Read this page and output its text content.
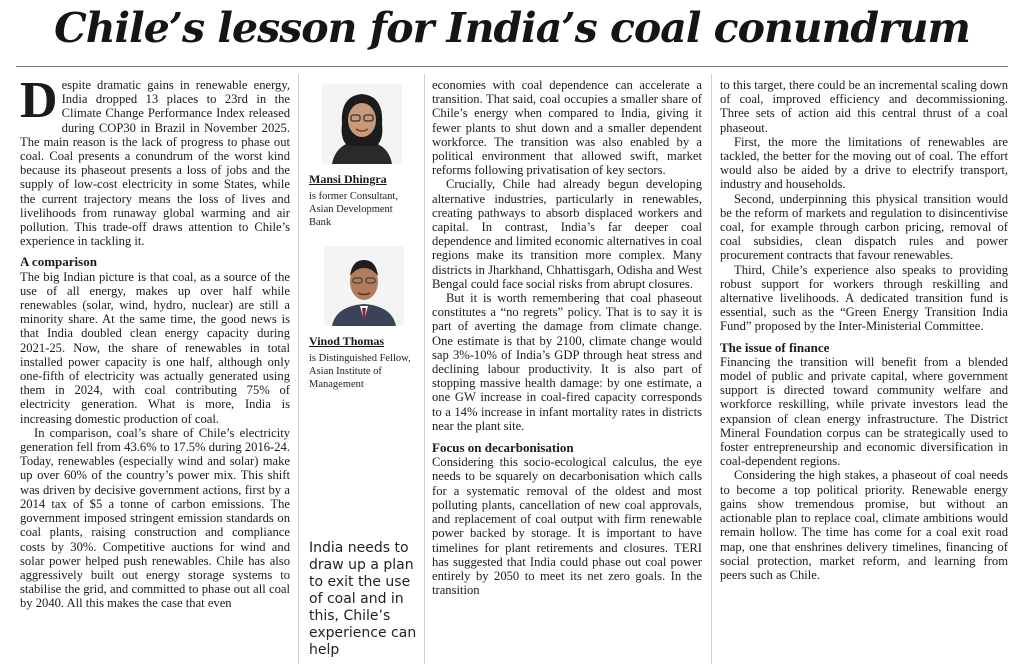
Chile’s lesson for India’s coal conundrum

Despite dramatic gains in renewable energy, India dropped 13 places to 23rd in the Climate Change Performance Index released during COP30 in Brazil in November 2025. The main reason is the lack of progress to phase out coal. Coal presents a conundrum of the worst kind because its phaseout presents a loss of jobs and the supply of low-cost electricity in some States, while the current trajectory means the loss of lives and livelihoods from runaway global warming and air pollution. This trade-off draws attention to Chile’s experience in tackling it.

A comparison

The big Indian picture is that coal, as a source of the use of all energy, makes up over half while renewables (solar, wind, hydro, nuclear) are still a minority share. At the same time, the good news is that India doubled clean energy capacity during 2021-25. Now, the share of renewables in total installed power capacity is one half, although only one-fifth of electricity was actually generated using them in 2024, with coal contributing 75% of electricity generation. What is more, India is increasing domestic production of coal.

In comparison, coal’s share of Chile’s electricity generation fell from 43.6% to 17.5% during 2016-24. Today, renewables (especially wind and solar) make up over 60% of the country’s power mix. This shift was driven by decisive government actions, first by a 2014 tax of $5 a tonne of carbon emissions. The government imposed stringent emission standards on coal plants, raising construction and compliance costs by 30%. Competitive auctions for wind and solar power helped push renewables. Chile has also aggressively built out energy storage systems to stabilise the grid, and committed to phase out all coal by 2040. All this makes the case that even

Mansi Dhingra
is former Consultant, Asian Development Bank
Vinod Thomas
is Distinguished Fellow, Asian Institute of Management
India needs to draw up a plan to exit the use of coal and in this, Chile’s experience can help

economies with coal dependence can accelerate a transition. That said, coal occupies a smaller share of Chile’s energy when compared to India, giving it fewer plants to shut down and a smaller dependent workforce. The transition was also enabled by a political environment that allowed swift, market reforms following privatisation of key sectors.

Crucially, Chile had already begun developing alternative industries, particularly in renewables, creating pathways to absorb displaced workers and capital. In contrast, India’s far deeper coal dependence and limited economic alternatives in coal regions make its transition more complex. Many districts in Jharkhand, Chhattisgarh, Odisha and West Bengal could face social risks from abrupt closures.

But it is worth remembering that coal phaseout constitutes a “no regrets” policy. That is to say it is part of averting the damage from climate change. One estimate is that by 2100, climate change would sap 3%-10% of India’s GDP through heat stress and declining labour productivity. It is also part of stopping massive health damage: by one estimate, a one GW increase in coal-fired capacity corresponds to a 14% increase in infant mortality rates in districts near the plant site.

Focus on decarbonisation

Considering this socio-ecological calculus, the eye needs to be squarely on decarbonisation which calls for a systematic removal of the oldest and most polluting plants, cancellation of new coal approvals, and replacement of coal output with firm renewable power backed by storage. It is important to have timelines for plant retirements and closures. TERI has suggested that India could phase out coal power entirely by 2050 to meet its net zero goals. In the transition

to this target, there could be an incremental scaling down of coal, improved efficiency and decommissioning. Three sets of action aid this central thrust of a coal phaseout.

First, the more the limitations of renewables are tackled, the better for the moving out of coal. The effort would also be aided by a drive to electrify transport, industry and households.

Second, underpinning this physical transition would be the reform of markets and regulation to disincentivise coal, for example through carbon pricing, removal of coal subsidies, clean dispatch rules and power procurement contracts that favour renewables.

Third, Chile’s experience also speaks to providing robust support for workers through reskilling and alternative livelihoods. A dedicated transition fund is essential, such as the “Green Energy Transition India Fund” proposed by the Inter-Ministerial Committee.

The issue of finance

Financing the transition will benefit from a blended model of public and private capital, where government support is directed toward community welfare and workforce reskilling, while private investors lead the expansion of clean energy infrastructure. The District Mineral Foundation corpus can be strategically used to foster entrepreneurship and economic diversification in coal-dependent regions.

Considering the high stakes, a phaseout of coal needs to become a top political priority. Renewable energy gains show tremendous promise, but without an actionable plan to replace coal, climate ambitions would remain hollow. The time has come for a coal exit road map, one that enshrines delivery timelines, financing of social protection, market reform, and learning from peers such as Chile.
